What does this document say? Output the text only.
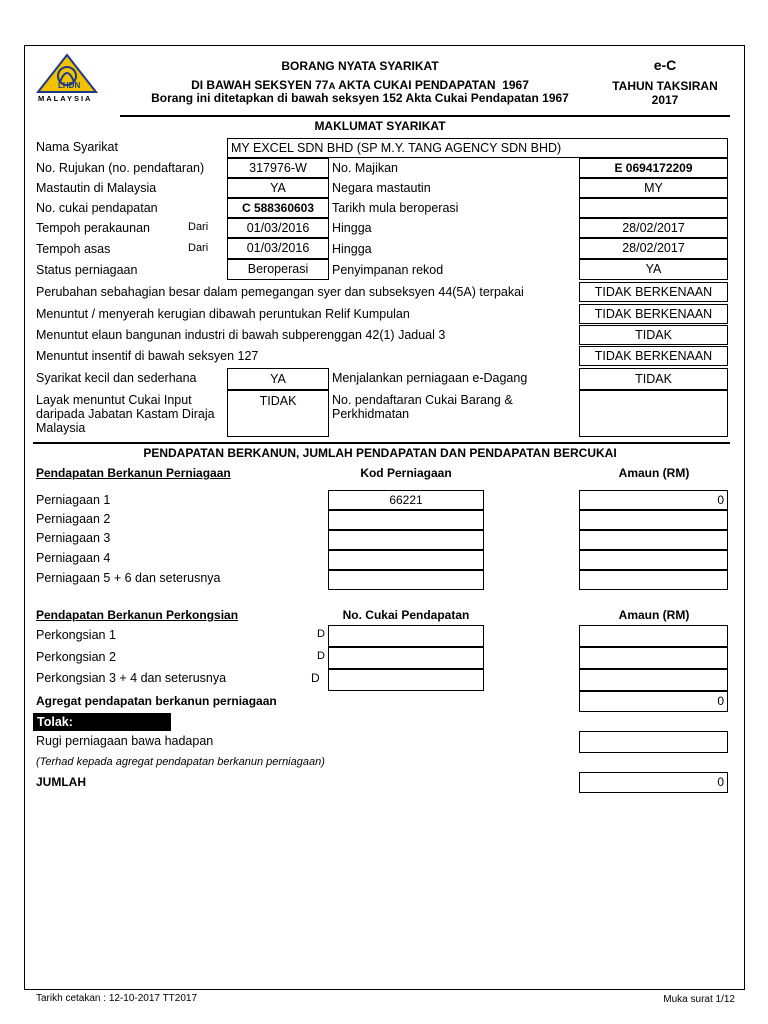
LHDN
MALAYSIA
BORANG NYATA SYARIKAT
DI BAWAH SEKSYEN 77A AKTA CUKAI PENDAPATAN  1967
Borang ini ditetapkan di bawah seksyen 152 Akta Cukai Pendapatan 1967
e-C
TAHUN TAKSIRAN
2017
MAKLUMAT SYARIKAT
Nama Syarikat	MY EXCEL SDN BHD (SP M.Y. TANG AGENCY SDN BHD)
No. Rujukan (no. pendaftaran)	317976-W	No. Majikan	E 0694172209
Mastautin di Malaysia	YA	Negara mastautin	MY
No. cukai pendapatan	C 588360603	Tarikh mula beroperasi
Tempoh perakaunan	Dari	01/03/2016	Hingga	28/02/2017
Tempoh asas	Dari	01/03/2016	Hingga	28/02/2017
Status perniagaan	Beroperasi	Penyimpanan rekod	YA
Perubahan sebahagian besar dalam pemegangan syer dan subseksyen 44(5A) terpakai	TIDAK BERKENAAN
Menuntut / menyerah kerugian dibawah peruntukan Relif Kumpulan	TIDAK BERKENAAN
Menuntut elaun bangunan industri di bawah subperenggan 42(1) Jadual 3	TIDAK
Menuntut insentif di bawah seksyen 127	TIDAK BERKENAAN
Syarikat kecil dan sederhana	YA	Menjalankan perniagaan e-Dagang	TIDAK
Layak menuntut Cukai Input daripada Jabatan Kastam Diraja Malaysia
TIDAK	No. pendaftaran Cukai Barang & Perkhidmatan
PENDAPATAN BERKANUN, JUMLAH PENDAPATAN DAN PENDAPATAN BERCUKAI
Pendapatan Berkanun Perniagaan	Kod Perniagaan	Amaun (RM)
Perniagaan 1	66221	0
Perniagaan 2
Perniagaan 3
Perniagaan 4
Perniagaan 5 + 6 dan seterusnya
Pendapatan Berkanun Perkongsian	No. Cukai Pendapatan	Amaun (RM)
Perkongsian 1	D
Perkongsian 2	D
Perkongsian 3 + 4 dan seterusnya	D
Agregat pendapatan berkanun perniagaan	0
Tolak:
Rugi perniagaan bawa hadapan
(Terhad kepada agregat pendapatan berkanun perniagaan)
JUMLAH	0
Tarikh cetakan : 12-10-2017 TT2017	Muka surat 1/12
